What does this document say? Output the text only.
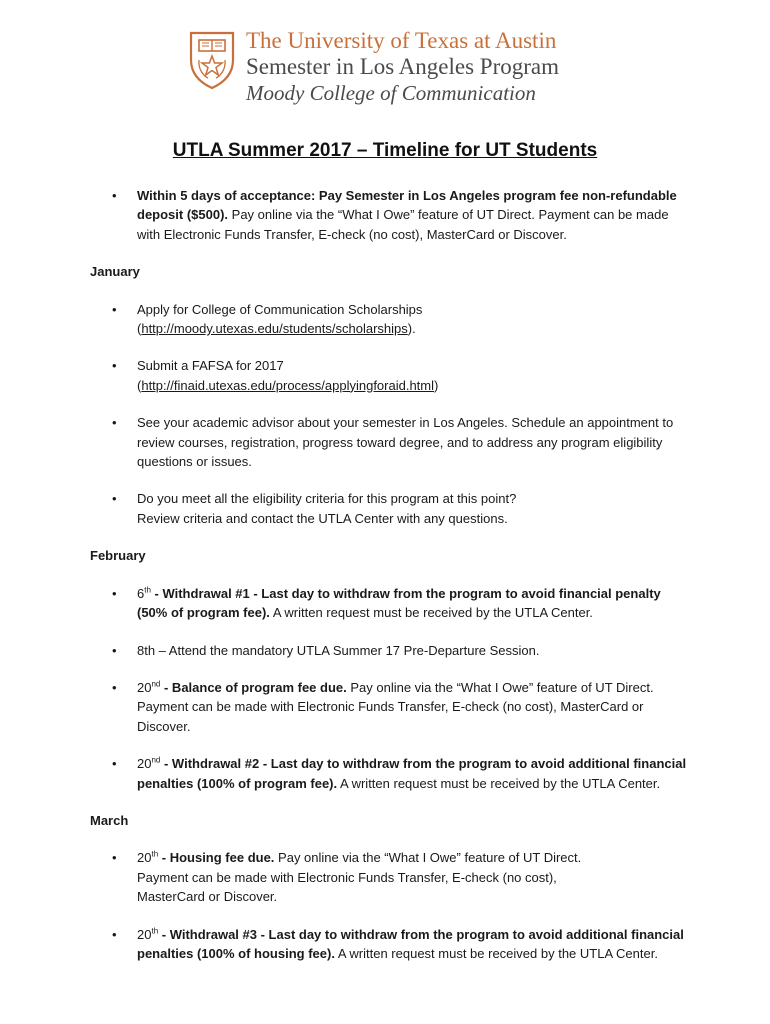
The University of Texas at Austin
Semester in Los Angeles Program
Moody College of Communication
UTLA Summer 2017 – Timeline for UT Students
• Within 5 days of acceptance: Pay Semester in Los Angeles program fee non-refundable deposit ($500). Pay online via the “What I Owe” feature of UT Direct. Payment can be made with Electronic Funds Transfer, E-check (no cost), MasterCard or Discover.
January
• Apply for College of Communication Scholarships
(http://moody.utexas.edu/students/scholarships).
• Submit a FAFSA for 2017
(http://finaid.utexas.edu/process/applyingforaid.html)
• See your academic advisor about your semester in Los Angeles. Schedule an appointment to review courses, registration, progress toward degree, and to address any program eligibility questions or issues.
• Do you meet all the eligibility criteria for this program at this point?
Review criteria and contact the UTLA Center with any questions.
February
• 6th - Withdrawal #1 - Last day to withdraw from the program to avoid financial penalty (50% of program fee). A written request must be received by the UTLA Center.
• 8th – Attend the mandatory UTLA Summer 17 Pre-Departure Session.
• 20nd - Balance of program fee due. Pay online via the “What I Owe” feature of UT Direct. Payment can be made with Electronic Funds Transfer, E-check (no cost), MasterCard or Discover.
• 20nd - Withdrawal #2 - Last day to withdraw from the program to avoid additional financial penalties (100% of program fee). A written request must be received by the UTLA Center.
March
• 20th - Housing fee due. Pay online via the “What I Owe” feature of UT Direct.
Payment can be made with Electronic Funds Transfer, E-check (no cost),
MasterCard or Discover.
• 20th - Withdrawal #3 - Last day to withdraw from the program to avoid additional financial penalties (100% of housing fee). A written request must be received by the UTLA Center.
